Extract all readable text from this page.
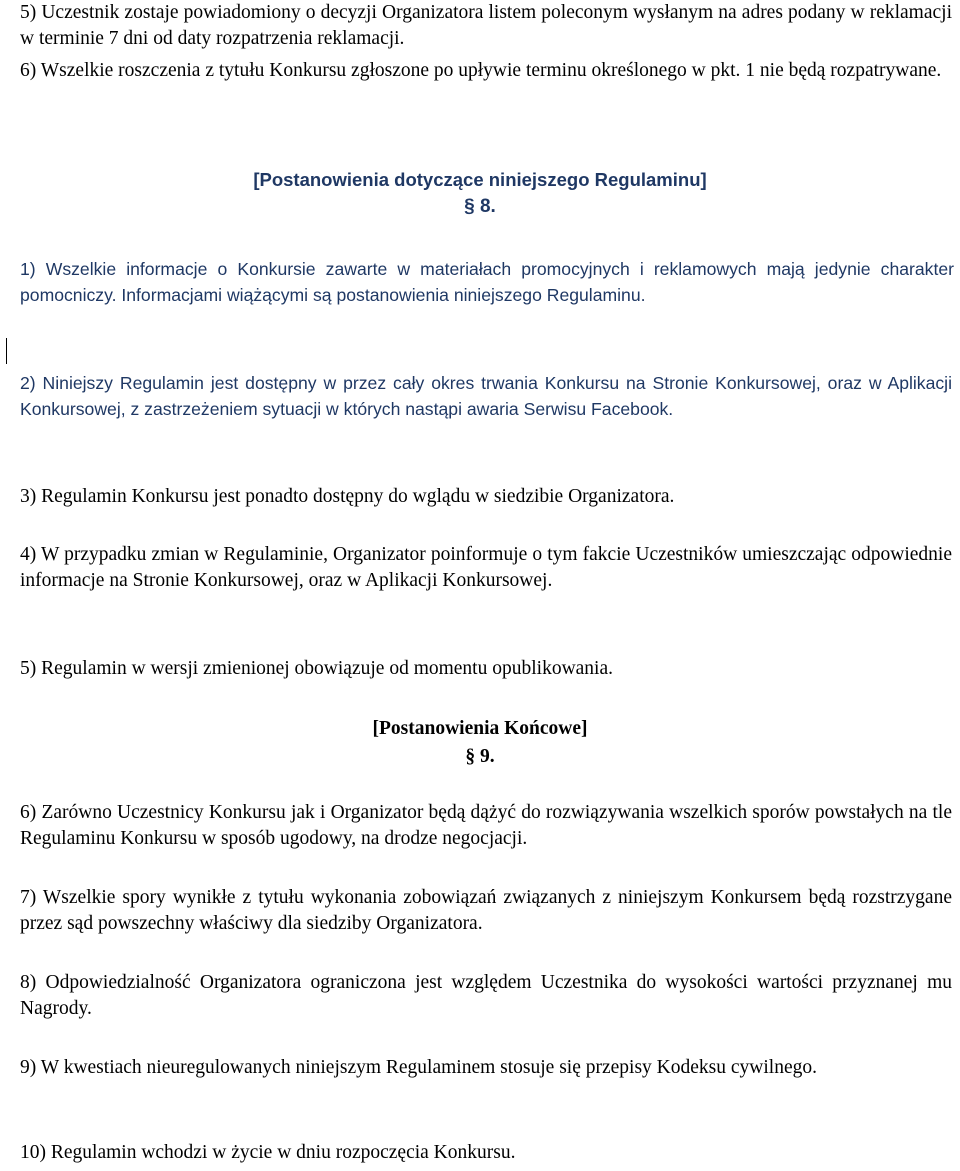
5) Uczestnik zostaje powiadomiony o decyzji Organizatora listem poleconym wysłanym na adres podany w reklamacji w terminie 7 dni od daty rozpatrzenia reklamacji.

6) Wszelkie roszczenia z tytułu Konkursu zgłoszone po upływie terminu określonego w pkt. 1 nie będą rozpatrywane.

[Postanowienia dotyczące niniejszego Regulaminu]
§ 8.

1) Wszelkie informacje o Konkursie zawarte w materiałach promocyjnych i reklamowych mają jedynie charakter pomocniczy. Informacjami wiążącymi są postanowienia niniejszego Regulaminu.

2) Niniejszy Regulamin jest dostępny w przez cały okres trwania Konkursu na Stronie Konkursowej, oraz w Aplikacji Konkursowej, z zastrzeżeniem sytuacji w których nastąpi awaria Serwisu Facebook.

3) Regulamin Konkursu jest ponadto dostępny do wglądu w siedzibie Organizatora.

4) W przypadku zmian w Regulaminie, Organizator poinformuje o tym fakcie Uczestników umieszczając odpowiednie informacje na Stronie Konkursowej, oraz w Aplikacji Konkursowej.

5) Regulamin w wersji zmienionej obowiązuje od momentu opublikowania.

[Postanowienia Końcowe]
§ 9.

6) Zarówno Uczestnicy Konkursu jak i Organizator będą dążyć do rozwiązywania wszelkich sporów powstałych na tle Regulaminu Konkursu w sposób ugodowy, na drodze negocjacji.

7) Wszelkie spory wynikłe z tytułu wykonania zobowiązań związanych z niniejszym Konkursem będą rozstrzygane przez sąd powszechny właściwy dla siedziby Organizatora.

8) Odpowiedzialność Organizatora ograniczona jest względem Uczestnika do wysokości wartości przyznanej mu Nagrody.

9) W kwestiach nieuregulowanych niniejszym Regulaminem stosuje się przepisy Kodeksu cywilnego.

10) Regulamin wchodzi w życie w dniu rozpoczęcia Konkursu.
